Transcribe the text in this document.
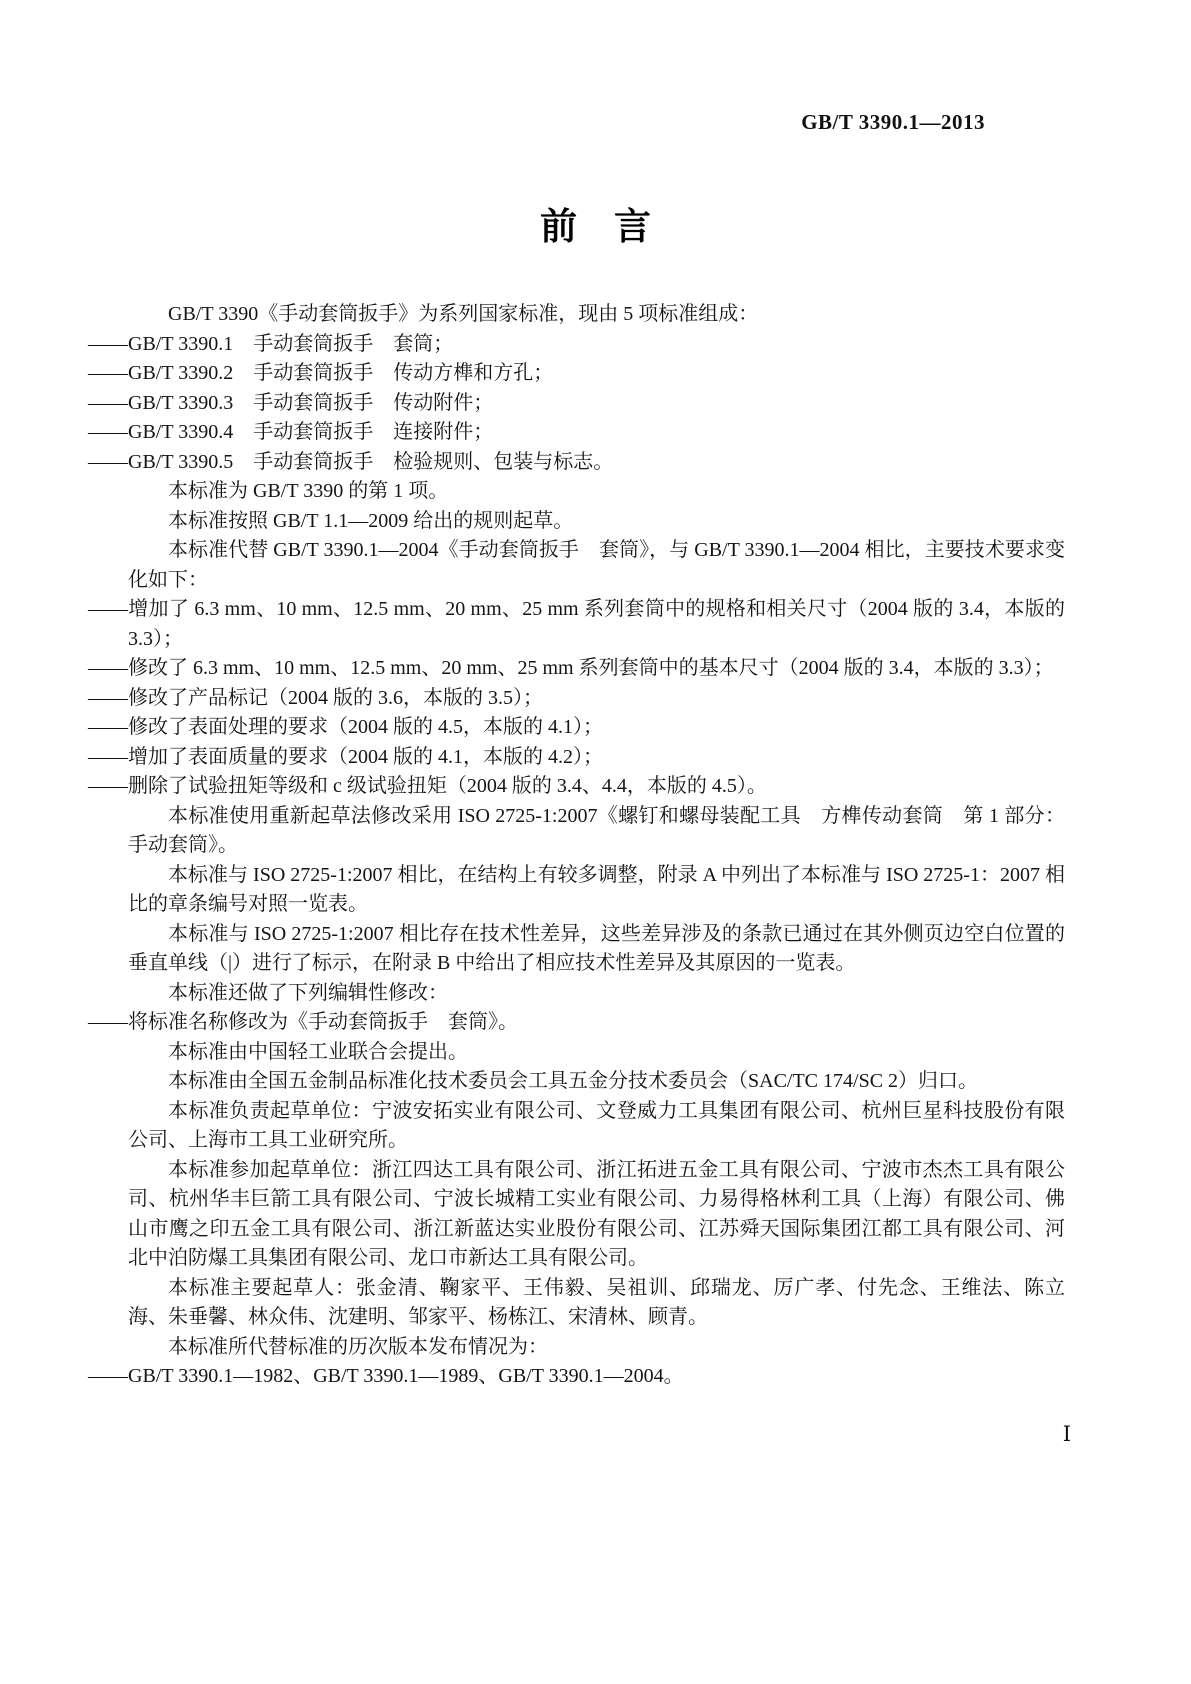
GB/T 3390.1—2013
前　言

GB/T 3390《手动套筒扳手》为系列国家标准，现由 5 项标准组成：

——GB/T 3390.1　手动套筒扳手　套筒；

——GB/T 3390.2　手动套筒扳手　传动方榫和方孔；

——GB/T 3390.3　手动套筒扳手　传动附件；

——GB/T 3390.4　手动套筒扳手　连接附件；

——GB/T 3390.5　手动套筒扳手　检验规则、包装与标志。

本标准为 GB/T 3390 的第 1 项。

本标准按照 GB/T 1.1—2009 给出的规则起草。

本标准代替 GB/T 3390.1—2004《手动套筒扳手　套筒》，与 GB/T 3390.1—2004 相比，主要技术要求变化如下：

——增加了 6.3 mm、10 mm、12.5 mm、20 mm、25 mm 系列套筒中的规格和相关尺寸（2004 版的 3.4，本版的 3.3）；

——修改了 6.3 mm、10 mm、12.5 mm、20 mm、25 mm 系列套筒中的基本尺寸（2004 版的 3.4，本版的 3.3）；

——修改了产品标记（2004 版的 3.6，本版的 3.5）；

——修改了表面处理的要求（2004 版的 4.5，本版的 4.1）；

——增加了表面质量的要求（2004 版的 4.1，本版的 4.2）；

——删除了试验扭矩等级和 c 级试验扭矩（2004 版的 3.4、4.4，本版的 4.5）。

本标准使用重新起草法修改采用 ISO 2725-1:2007《螺钉和螺母装配工具　方榫传动套筒　第 1 部分：手动套筒》。

本标准与 ISO 2725-1:2007 相比，在结构上有较多调整，附录 A 中列出了本标准与 ISO 2725-1：2007 相比的章条编号对照一览表。

本标准与 ISO 2725-1:2007 相比存在技术性差异，这些差异涉及的条款已通过在其外侧页边空白位置的垂直单线（|）进行了标示，在附录 B 中给出了相应技术性差异及其原因的一览表。

本标准还做了下列编辑性修改：

——将标准名称修改为《手动套筒扳手　套筒》。

本标准由中国轻工业联合会提出。

本标准由全国五金制品标准化技术委员会工具五金分技术委员会（SAC/TC 174/SC 2）归口。

本标准负责起草单位：宁波安拓实业有限公司、文登威力工具集团有限公司、杭州巨星科技股份有限公司、上海市工具工业研究所。

本标准参加起草单位：浙江四达工具有限公司、浙江拓进五金工具有限公司、宁波市杰杰工具有限公司、杭州华丰巨箭工具有限公司、宁波长城精工实业有限公司、力易得格林利工具（上海）有限公司、佛山市鹰之印五金工具有限公司、浙江新蓝达实业股份有限公司、江苏舜天国际集团江都工具有限公司、河北中泊防爆工具集团有限公司、龙口市新达工具有限公司。

本标准主要起草人：张金清、鞠家平、王伟毅、吴祖训、邱瑞龙、厉广孝、付先念、王维法、陈立海、朱垂馨、林众伟、沈建明、邹家平、杨栋江、宋清林、顾青。

本标准所代替标准的历次版本发布情况为：

——GB/T 3390.1—1982、GB/T 3390.1—1989、GB/T 3390.1—2004。

Ⅰ
